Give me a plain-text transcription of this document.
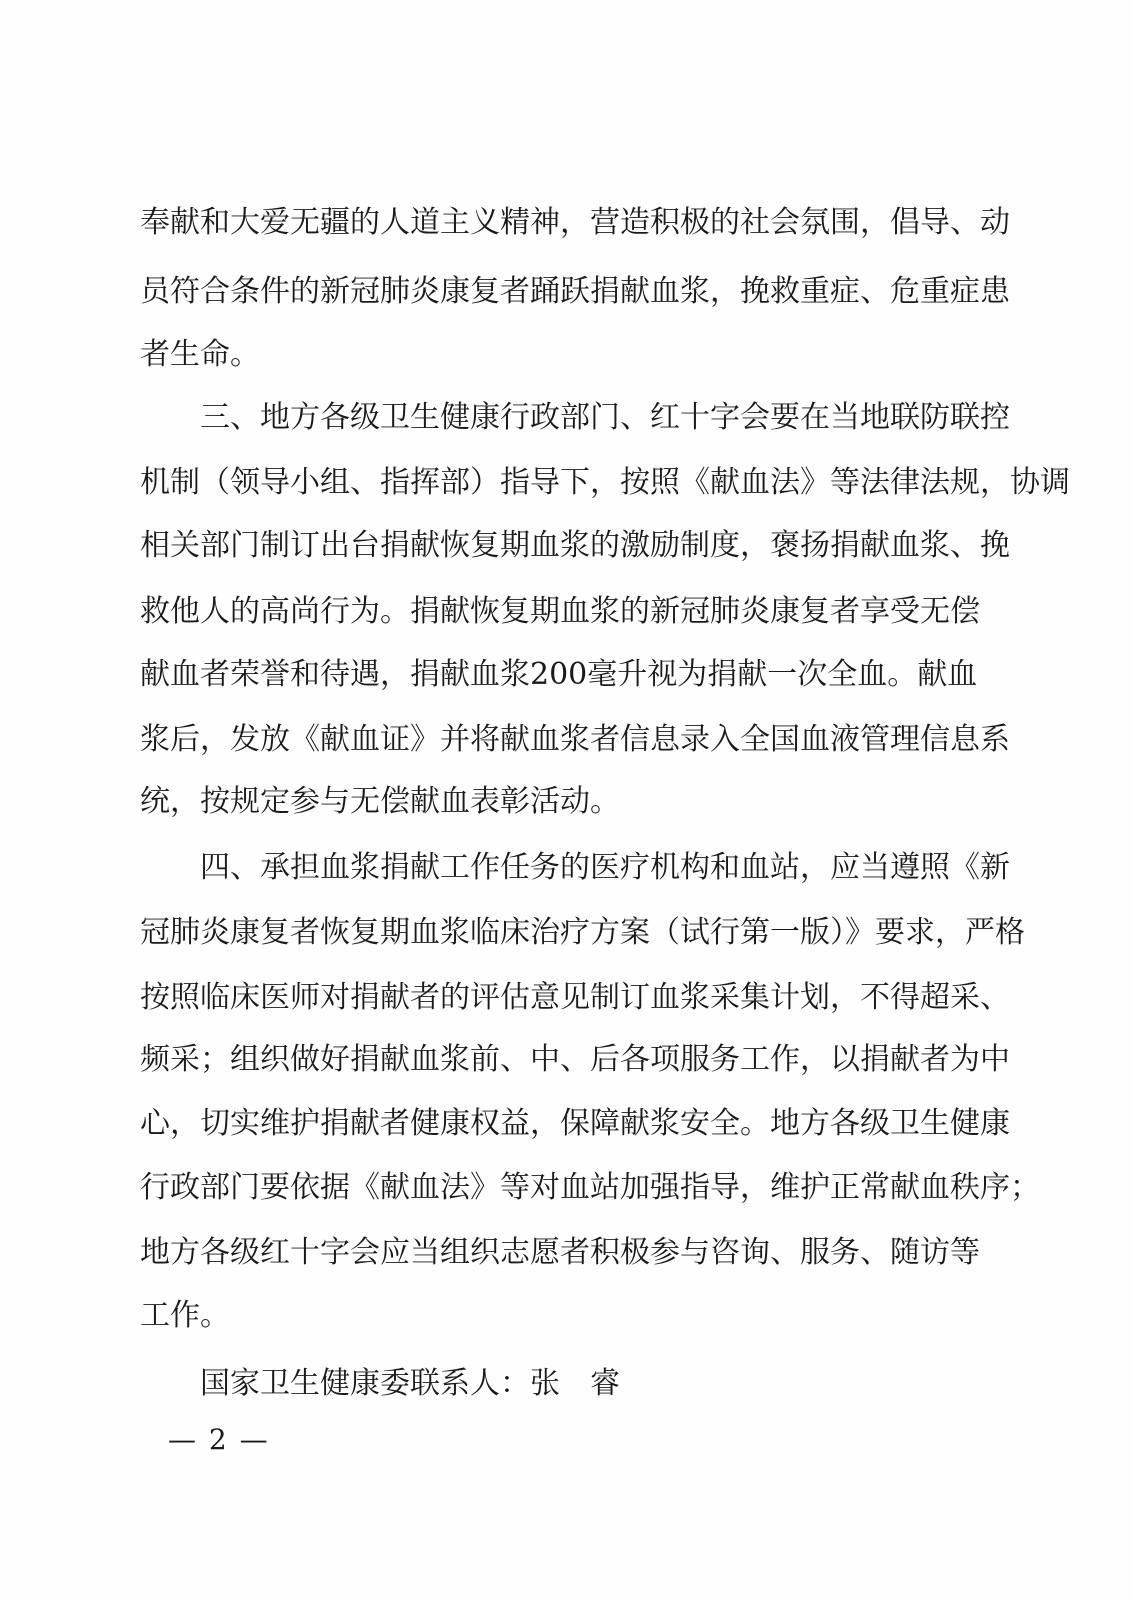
奉献和大爱无疆的人道主义精神，营造积极的社会氛围，倡导、动
员符合条件的新冠肺炎康复者踊跃捐献血浆，挽救重症、危重症患
者生命。
三、地方各级卫生健康行政部门、红十字会要在当地联防联控
机制（领导小组、指挥部）指导下，按照《献血法》等法律法规，协调
相关部门制订出台捐献恢复期血浆的激励制度，褒扬捐献血浆、挽
救他人的高尚行为。捐献恢复期血浆的新冠肺炎康复者享受无偿
献血者荣誉和待遇，捐献血浆200毫升视为捐献一次全血。献血
浆后，发放《献血证》并将献血浆者信息录入全国血液管理信息系
统，按规定参与无偿献血表彰活动。
四、承担血浆捐献工作任务的医疗机构和血站，应当遵照《新
冠肺炎康复者恢复期血浆临床治疗方案（试行第一版）》要求，严格
按照临床医师对捐献者的评估意见制订血浆采集计划，不得超采、
频采；组织做好捐献血浆前、中、后各项服务工作，以捐献者为中
心，切实维护捐献者健康权益，保障献浆安全。地方各级卫生健康
行政部门要依据《献血法》等对血站加强指导，维护正常献血秩序；
地方各级红十字会应当组织志愿者积极参与咨询、服务、随访等
工作。
国家卫生健康委联系人：张　睿
— 2 —
